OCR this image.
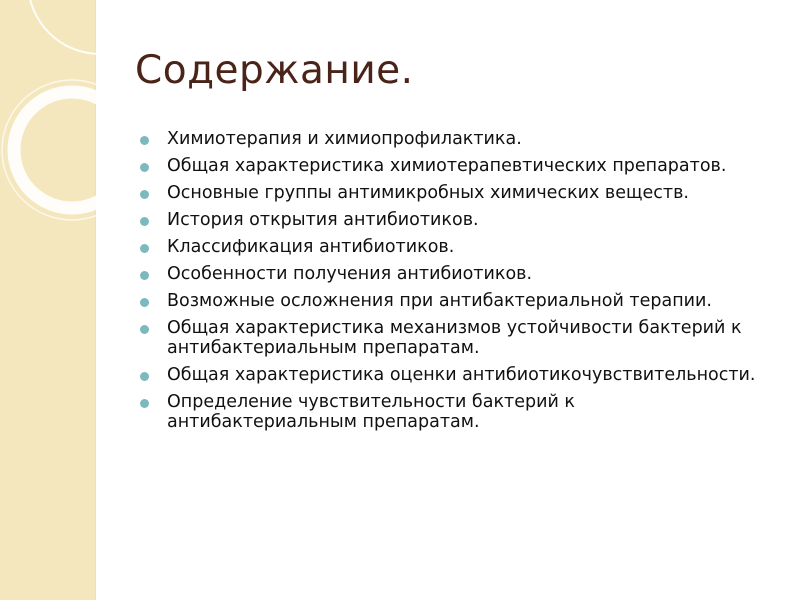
Содержание.
Химиотерапия и химиопрофилактика.
Общая характеристика химиотерапевтических препаратов.
Основные группы антимикробных химических веществ.
История открытия антибиотиков.
Классификация антибиотиков.
Особенности получения антибиотиков.
Возможные осложнения при антибактериальной терапии.
Общая характеристика механизмов устойчивости бактерий к антибактериальным препаратам.
Общая характеристика оценки антибиотикочувствительности.
Определение чувствительности бактерий к антибактериальным препаратам.
